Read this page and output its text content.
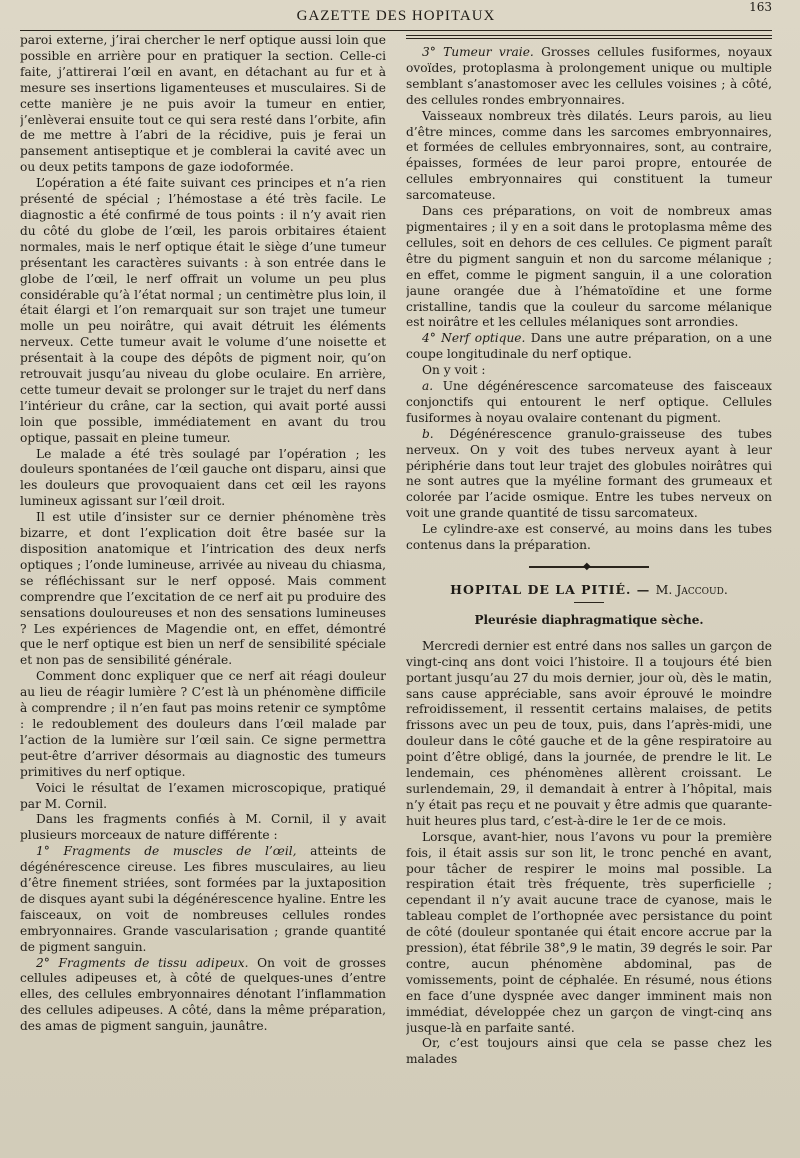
GAZETTE DES HOPITAUX
163

paroi externe, j’irai chercher le nerf optique aussi loin que possible en arrière pour en pratiquer la section. Celle-ci faite, j’attirerai l’œil en avant, en détachant au fur et à mesure ses insertions ligamenteuses et musculaires. Si de cette manière je ne puis avoir la tumeur en entier, j’enlèverai ensuite tout ce qui sera resté dans l’orbite, afin de me mettre à l’abri de la récidive, puis je ferai un pansement antiseptique et je comblerai la cavité avec un ou deux petits tampons de gaze iodoformée.

L’opération a été faite suivant ces principes et n’a rien présenté de spécial ; l’hémostase a été très facile. Le diagnostic a été confirmé de tous points : il n’y avait rien du côté du globe de l’œil, les parois orbitaires étaient normales, mais le nerf optique était le siège d’une tumeur présentant les caractères suivants : à son entrée dans le globe de l’œil, le nerf offrait un volume un peu plus considérable qu’à l’état normal ; un centimètre plus loin, il était élargi et l’on remarquait sur son trajet une tumeur molle un peu noirâtre, qui avait détruit les éléments nerveux. Cette tumeur avait le volume d’une noisette et présentait à la coupe des dépôts de pigment noir, qu’on retrouvait jusqu’au niveau du globe oculaire. En arrière, cette tumeur devait se prolonger sur le trajet du nerf dans l’intérieur du crâne, car la section, qui avait porté aussi loin que possible, immédiatement en avant du trou optique, passait en pleine tumeur.

Le malade a été très soulagé par l’opération ; les douleurs spontanées de l’œil gauche ont disparu, ainsi que les douleurs que provoquaient dans cet œil les rayons lumineux agissant sur l’œil droit.

Il est utile d’insister sur ce dernier phénomène très bizarre, et dont l’explication doit être basée sur la disposition anatomique et l’intrication des deux nerfs optiques ; l’onde lumineuse, arrivée au niveau du chiasma, se réfléchissant sur le nerf opposé. Mais comment comprendre que l’excitation de ce nerf ait pu produire des sensations douloureuses et non des sensations lumineuses ? Les expériences de Magendie ont, en effet, démontré que le nerf optique est bien un nerf de sensibilité spéciale et non pas de sensibilité générale.

Comment donc expliquer que ce nerf ait réagi douleur au lieu de réagir lumière ? C’est là un phénomène difficile à comprendre ; il n’en faut pas moins retenir ce symptôme : le redoublement des douleurs dans l’œil malade par l’action de la lumière sur l’œil sain. Ce signe permettra peut-être d’arriver désormais au diagnostic des tumeurs primitives du nerf optique.

Voici le résultat de l’examen microscopique, pratiqué par M. Cornil.

Dans les fragments confiés à M. Cornil, il y avait plusieurs morceaux de nature différente :

1° Fragments de muscles de l’œil, atteints de dégénérescence cireuse. Les fibres musculaires, au lieu d’être finement striées, sont formées par la juxtaposition de disques ayant subi la dégénérescence hyaline. Entre les faisceaux, on voit de nombreuses cellules rondes embryonnaires. Grande vascularisation ; grande quantité de pigment sanguin.

2° Fragments de tissu adipeux. On voit de grosses cellules adipeuses et, à côté de quelques-unes d’entre elles, des cellules embryonnaires dénotant l’inflammation des cellules adipeuses. A côté, dans la même préparation, des amas de pigment sanguin, jaunâtre.

3° Tumeur vraie. Grosses cellules fusiformes, noyaux ovoïdes, protoplasma à prolongement unique ou multiple semblant s’anastomoser avec les cellules voisines ; à côté, des cellules rondes embryonnaires.

Vaisseaux nombreux très dilatés. Leurs parois, au lieu d’être minces, comme dans les sarcomes embryonnaires, et formées de cellules embryonnaires, sont, au contraire, épaisses, formées de leur paroi propre, entourée de cellules embryonnaires qui constituent la tumeur sarcomateuse.

Dans ces préparations, on voit de nombreux amas pigmentaires ; il y en a soit dans le protoplasma même des cellules, soit en dehors de ces cellules. Ce pigment paraît être du pigment sanguin et non du sarcome mélanique ; en effet, comme le pigment sanguin, il a une coloration jaune orangée due à l’hématoïdine et une forme cristalline, tandis que la couleur du sarcome mélanique est noirâtre et les cellules mélaniques sont arrondies.

4° Nerf optique. Dans une autre préparation, on a une coupe longitudinale du nerf optique.

On y voit :

a. Une dégénérescence sarcomateuse des faisceaux conjonctifs qui entourent le nerf optique. Cellules fusiformes à noyau ovalaire contenant du pigment.

b. Dégénérescence granulo-graisseuse des tubes nerveux. On y voit des tubes nerveux ayant à leur périphérie dans tout leur trajet des globules noirâtres qui ne sont autres que la myéline formant des grumeaux et colorée par l’acide osmique. Entre les tubes nerveux on voit une grande quantité de tissu sarcomateux.

Le cylindre-axe est conservé, au moins dans les tubes contenus dans la préparation.

◆
HOPITAL DE LA PITIÉ. — M. Jaccoud.
Pleurésie diaphragmatique sèche.

Mercredi dernier est entré dans nos salles un garçon de vingt-cinq ans dont voici l’histoire. Il a toujours été bien portant jusqu’au 27 du mois dernier, jour où, dès le matin, sans cause appréciable, sans avoir éprouvé le moindre refroidissement, il ressentit certains malaises, de petits frissons avec un peu de toux, puis, dans l’après-midi, une douleur dans le côté gauche et de la gêne respiratoire au point d’être obligé, dans la journée, de prendre le lit. Le lendemain, ces phénomènes allèrent croissant. Le surlendemain, 29, il demandait à entrer à l’hôpital, mais n’y était pas reçu et ne pouvait y être admis que quarante-huit heures plus tard, c’est-à-dire le 1er de ce mois.

Lorsque, avant-hier, nous l’avons vu pour la première fois, il était assis sur son lit, le tronc penché en avant, pour tâcher de respirer le moins mal possible. La respiration était très fréquente, très superficielle ; cependant il n’y avait aucune trace de cyanose, mais le tableau complet de l’orthopnée avec persistance du point de côté (douleur spontanée qui était encore accrue par la pression), état fébrile 38°,9 le matin, 39 degrés le soir. Par contre, aucun phénomène abdominal, pas de vomissements, point de céphalée. En résumé, nous étions en face d’une dyspnée avec danger imminent mais non immédiat, développée chez un garçon de vingt-cinq ans jusque-là en parfaite santé.

Or, c’est toujours ainsi que cela se passe chez les malades
